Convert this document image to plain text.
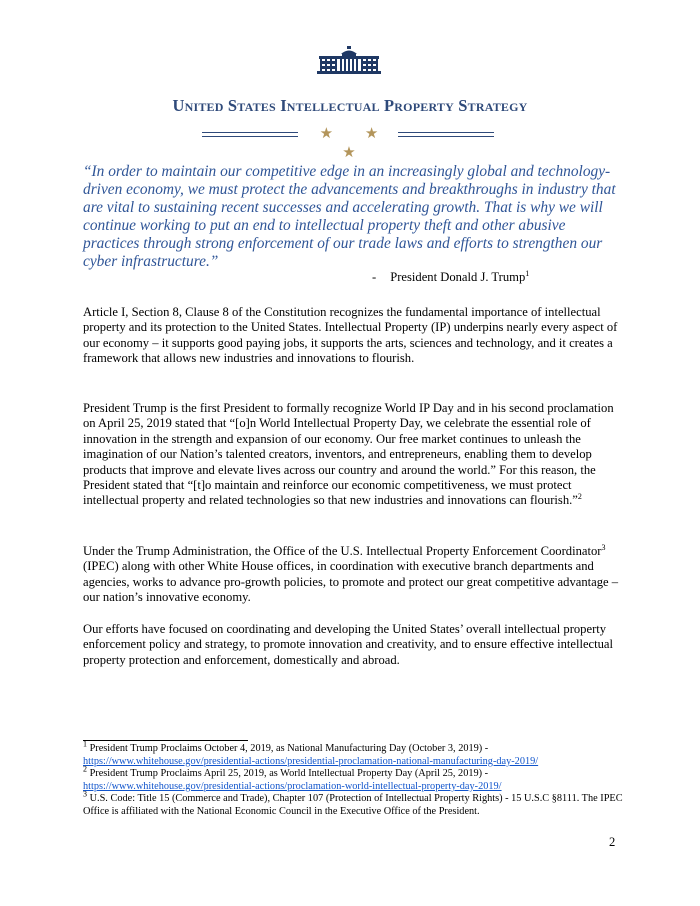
United States Intellectual Property Strategy
★ ★ ★

“In order to maintain our competitive edge in an increasingly global and technology-driven economy, we must protect the advancements and breakthroughs in industry that are vital to sustaining recent successes and accelerating growth. That is why we will continue working to put an end to intellectual property theft and other abusive practices through strong enforcement of our trade laws and efforts to strengthen our cyber infrastructure.”

- President Donald J. Trump$^1$

Article I, Section 8, Clause 8 of the Constitution recognizes the fundamental importance of intellectual property and its protection to the United States. Intellectual Property (IP) underpins nearly every aspect of our economy – it supports good paying jobs, it supports the arts, sciences and technology, and it creates a framework that allows new industries and innovations to flourish.

President Trump is the first President to formally recognize World IP Day and in his second proclamation on April 25, 2019 stated that “[o]n World Intellectual Property Day, we celebrate the essential role of innovation in the strength and expansion of our economy. Our free market continues to unleash the imagination of our Nation’s talented creators, inventors, and entrepreneurs, enabling them to develop products that improve and elevate lives across our country and around the world.” For this reason, the President stated that “[t]o maintain and reinforce our economic competitiveness, we must protect intellectual property and related technologies so that new industries and innovations can flourish.”$^2$

Under the Trump Administration, the Office of the U.S. Intellectual Property Enforcement Coordinator$^3$ (IPEC) along with other White House offices, in coordination with executive branch departments and agencies, works to advance pro-growth policies, to promote and protect our great competitive advantage – our nation’s innovative economy.

Our efforts have focused on coordinating and developing the United States’ overall intellectual property enforcement policy and strategy, to promote innovation and creativity, and to ensure effective intellectual property protection and enforcement, domestically and abroad.

$^1$ President Trump Proclaims October 4, 2019, as National Manufacturing Day (October 3, 2019) -

https://www.whitehouse.gov/presidential-actions/presidential-proclamation-national-manufacturing-day-2019/

$^2$ President Trump Proclaims April 25, 2019, as World Intellectual Property Day (April 25, 2019) -

https://www.whitehouse.gov/presidential-actions/proclamation-world-intellectual-property-day-2019/

$^3$ U.S. Code: Title 15 (Commerce and Trade), Chapter 107 (Protection of Intellectual Property Rights) - 15 U.S.C §8111. The IPEC Office is affiliated with the National Economic Council in the Executive Office of the President.

2
